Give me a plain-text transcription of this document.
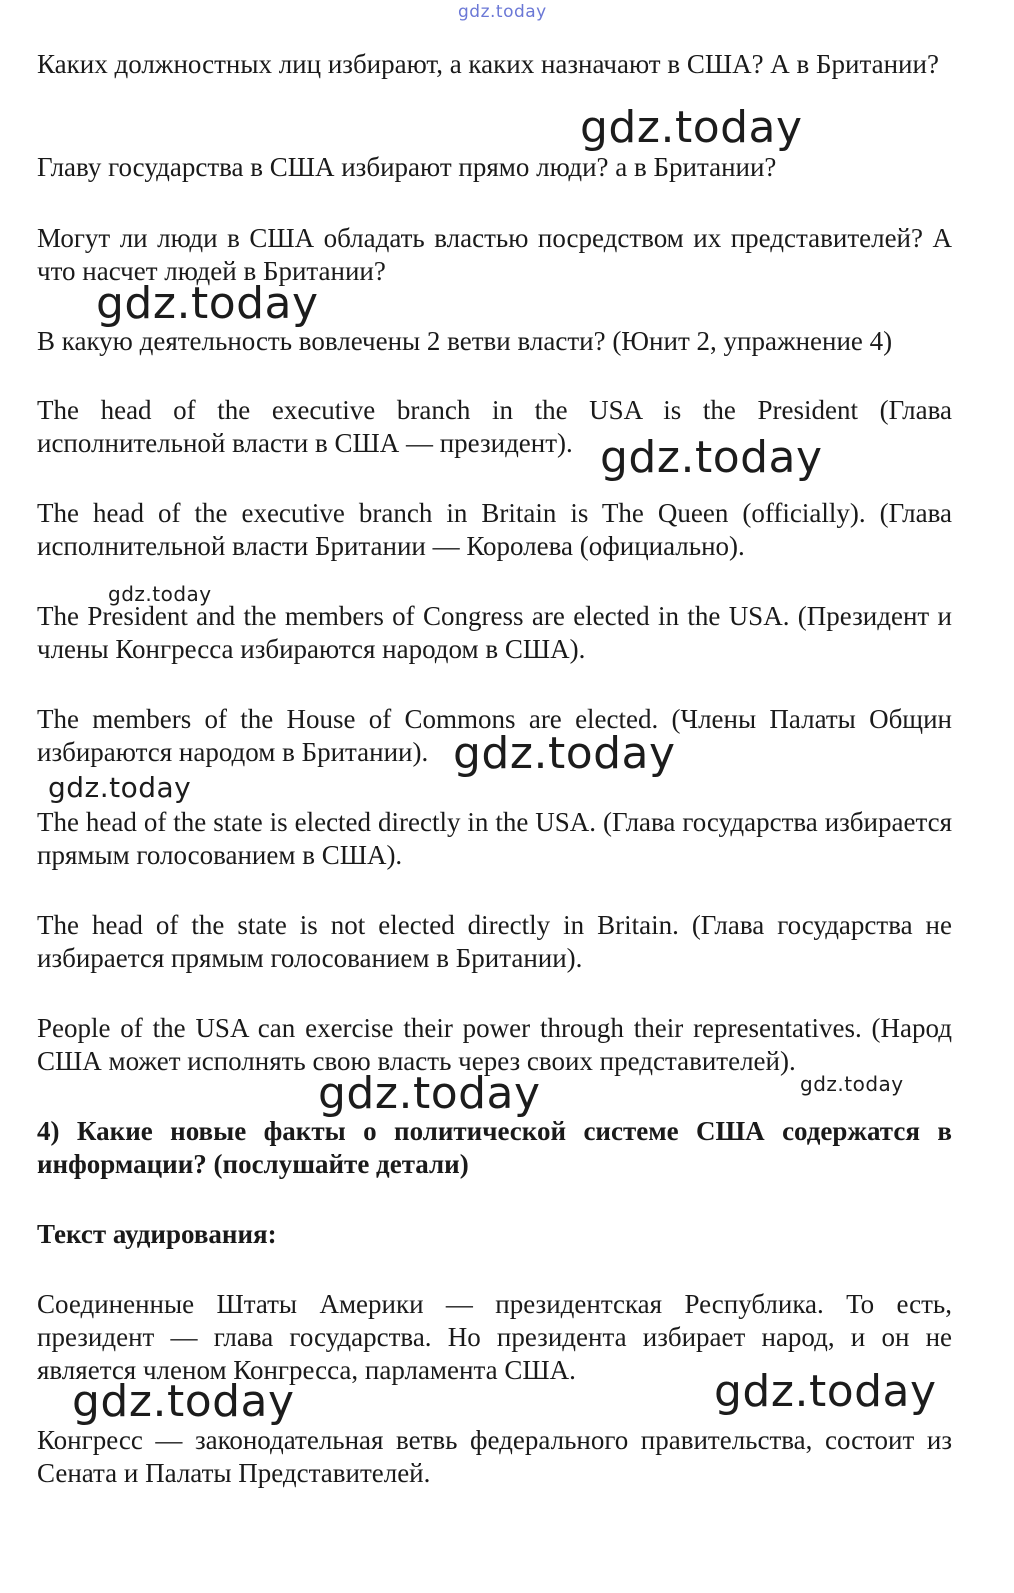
Каких должностных лиц избирают, а каких назначают в США? А в Британии?

Главу государства в США избирают прямо люди? а в Британии?

Могут ли люди в США обладать властью посредством их представителей? А что насчет людей в Британии?

В какую деятельность вовлечены 2 ветви власти? (Юнит 2, упражнение 4)

The head of the executive branch in the USA is the President (Глава исполнительной власти в США — президент).

The head of the executive branch in Britain is The Queen (officially). (Глава исполнительной власти Британии — Королева (официально).

The President and the members of Congress are elected in the USA. (Президент и члены Конгресса избираются народом в США).

The members of the House of Commons are elected. (Члены Палаты Общин избираются народом в Британии).

The head of the state is elected directly in the USA. (Глава государства избирается прямым голосованием в США).

The head of the state is not elected directly in Britain. (Глава государства не избирается прямым голосованием в Британии).

People of the USA can exercise their power through their representatives. (Народ США может исполнять свою власть через своих представителей).

4) Какие новые факты о политической системе США содержатся в информации? (послушайте детали)

Текст аудирования:

Соединенные Штаты Америки — президентская Республика. То есть, президент — глава государства. Но президента избирает народ, и он не является членом Конгресса, парламента США.

Конгресс — законодательная ветвь федерального правительства, состоит из Сената и Палаты Представителей.

gdz.today
gdz.today
gdz.today
gdz.today
gdz.today
gdz.today
gdz.today
gdz.today
gdz.today
gdz.today	gdz.today
